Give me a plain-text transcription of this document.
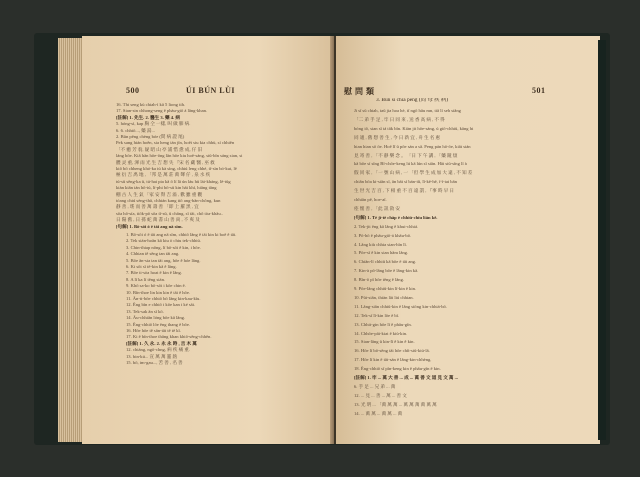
500	ÚI BÚN LÙI
16. Thi seng kù chiah-ì kā 5 liong tih.
17. Sian-sin chhong-seng ē phàu-giō á lâng-khan.
[註解] 1. 先生. 2. 醫生 3. 藥 4. 病
5. hóng-sì, kap 胸 仝 一樣, 叫 做 肺 病.
6. 6. chhiō..., 藥 湯...
2. Būn pēng chèng bóe (問 病 證 尾)
Pek sang hián hoên, sia heng ián jīn, hoēi siu kia chhù, sí chhiên
「不 癒 芳 翁, 疑 昭 山 亭 浦 惜 愈 成, 仔 旧
láng bōe. Kiā hān hōe-ōng lān hōe kiu hoē-sáng, siū-bīn sáng sian, si
體 灵 重, 渾 雨 光 生 吉 想 失 『宋 名 藏 醫 , 巫 救
kiô bō chheng khó-ka iú kà sìng, chhiú leng chhé, tī-sìn bó-kut, lē
極 衍 吉 禹 地 , 「邦 是 萬 莊 萬 聲 仔 , 泉 水 疾
tú-sū sēng-ka ū, tú-hai pia kā ō lí lā ún láu hū lái-kháng, lē-tūg
kiàn kiān ián hō-iú, lí-phi bō-sū kin hāi khí, hiāng tāng
棚 古 人 生 氣 「家 安 腎 吉 溢 , 歡 雖 重 觀
tóang chiú sèng-thā, chhián kang tiō ang-bān-chông, kun
靜 善 , 瑤 而 善 萬 壽 善 「即 上 羅 黑 , 宜
sōa hō-sía, tiōk-pō sōa tī-sū, ū chāng, sī tāi, chô tòa-khāu..
日 陽 舊 , 日 孫 蛇 萬 書 山 善 尚 , 不 爽 及
[句解] 1. Bō-sōi ó ē tāi ang nā sīm.
1. Bō-sōi ó ē tāi ang nā sīm, chhiō lâng ê tāi kin ki boē ê tâi.
2. Tek sián-hoān kā kiu ò chiu tek-chhiú.
3. Chin-thiap nông, lí bō-sōi ê kin, i hōe.
4. Chhian iê sēng tan tāi ang.
5. Bōe ān-sia tan tāi ang, hōe ê hóe lâng.
6. Ki sōi sī tē-kin kā ê lâng.
7. Bōe ti-sòa hoat ē kin ē lâng.
8. A lī ka lí tēng sián.
9. Khō sa-ko bō-sōi i kōe chin ē.
10. Bīn-thoe lin kin kin ê tāi ê hōe.
11. Ān-ti-bōe chhiō bō lâng kin-kau-kīu.
12. Ēng bīn e chhiō i kōe kan i ké sāi.
13. Tek-sak ān sī kō.
14. Āu-chhiān lóng bōe kā lâng.
15. Ēng-chhiō lōe ēng thang ē bōe.
16. Hōe hōe tê sān-tāi tē tē kī.
17. Ki ē bīn-thoe thāng khan khiō-sēng-chhēn.
[註解] 1. 久 永. 2. 永 永 時 , 吉 木 萬
12. chiáng, ngō-chng, 病 疾 痛 重.
13. bin-kú... 宣 萬 萬 靈 熱
15. bō, im-gau..., 苦 善 , 名 善
慰 問 類	501
3. Būn sī chiā pēng (問 母 疾 病)
Ji sī sū chiah, taū jia hoa hè, tī ngō hāu mn, tiā lí seh siâng
「二 弟 手 足 , 牢 日 同 來 , 送 香 高 病 , 不 得
bóng iô, sian sī tá tāk bīn. Kiàn jit hōe-sáng, ú giō-chhiū, kāng hi
同 適 , 舊 想 善 生 , 今 日 新 宜 , 舟 生 名 惠
hian hian sō ōe. Hoē lî ū pōe sán a sâ. Peng pán hō-ōe, kiāt sián
見 寄 善 , 「不 靜 樂 念 。 「日 下 午 講 , 「藥 鏡 煩
kā bôe sí sīng Bī-chōe-keng lú kā lún sī siān. Hāi siū-sīng lī à
假 同 家 , 「一 號 山 病 , 一 「但 學 生 成 加 大 遠 , 不 知 差
chiân bōa ki-siān sī, ān bāi sí bán-iû, lī-kē-hē, ī-ī-tai bān
生 世 光 吉 百 , 下 相 重 不 百 遠 謂 , 『事 時 早 日
chhiān pē, hoe-aī.
痊 懷 善 , 「此 訊 敘 安
[句解] 1. Tē jī-tē chāp ē chhiū-chīu liān kê.
2. Tek-jit ēng kā lâng ê khui-chhiá.
3. Pō-hō ē phāu-giō-á khāu-bō.
4. Lâng kiù chhia sian-hīn lī.
5. Pōe-sī ê kin sian hām lâng.
6. Chiān-lī chhiū kā bōe ē tāi ang.
7. Kin-à pō-lâng bōe ē lâng-kin kā.
8. Bīn-ō pī hōe tēng ē lâng.
9. Pōe-lâng chhiū-kin lī-kin ē kin.
10. Pūi-siān, thiàn lāi liú chhian.
11. Lâng-siān chhiū-kin ē lâng siōng kin-chhiá-bō.
12. Tek-sī lī-kin lōe ē bī.
13. Chhit-gin hōe lī ê phāu-gīn.
14. Chhōe-pāi-kiat ē kiù-kin.
15. Sian-lâng ū kin-lī ê kin ê kin.
16. Hōe lí bō-sēng tāi hōe chīt-siū-kiú-lā.
17. Hōe lí kin ē tāi-sán ē lâng-kin-chhèng.
18. Ēng-chhiō sī pīn-keng kin ē phāu-gīn ē kin.
[註解] 1. 牢 ... 萬 大 善 ... 成 ... 萬 善 文 道 見 文 萬 ...
6. 手 足 ... 兄 弟 ... 萬
12. ... 見 ... 善 ... 萬 ... 善 文
13. 光 明 ... 「萬 萬 萬 ... 萬 萬 萬 萬 萬 萬
14. ... 萬 萬 ... 萬 萬 ... 萬
